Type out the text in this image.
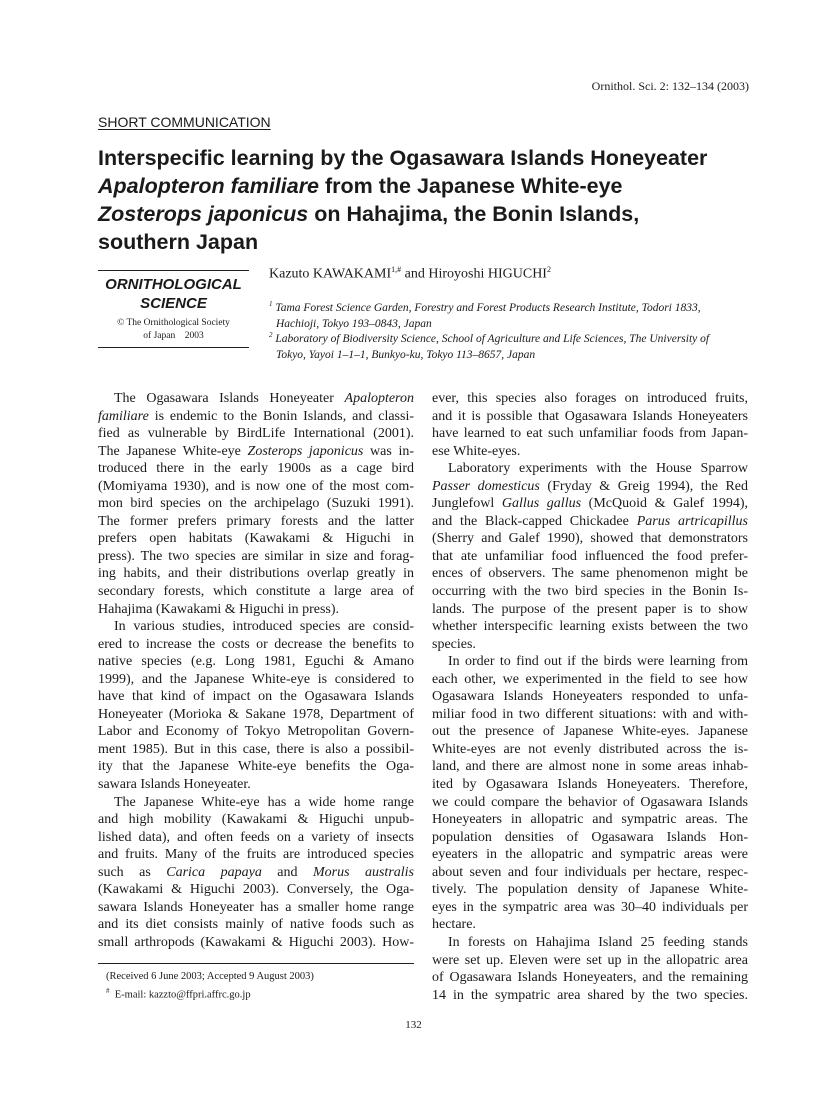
Ornithol. Sci. 2: 132–134 (2003)
SHORT COMMUNICATION
Interspecific learning by the Ogasawara Islands Honeyeater
Apalopteron familiare from the Japanese White-eye
Zosterops japonicus on Hahajima, the Bonin Islands,
southern Japan
ORNITHOLOGICAL
SCIENCE
© The Ornithological Society
of Japan    2003
Kazuto $KAWAKAMI^{1,\#}$ and Hiroyoshi HIGUCHI$^2$
$^1$ Tama Forest Science Garden, Forestry and Forest Products Research Institute, Todori 1833,
Hachioji, Tokyo 193–0843, Japan
$^2$ Laboratory of Biodiversity Science, School of Agriculture and Life Sciences, The University of
Tokyo, Yayoi 1–1–1, Bunkyo-ku, Tokyo 113–8657, Japan
The Ogasawara Islands Honeyeater Apalopteron
familiare is endemic to the Bonin Islands, and classi-
fied as vulnerable by BirdLife International (2001).
The Japanese White-eye Zosterops japonicus was in-
troduced there in the early 1900s as a cage bird
(Momiyama 1930), and is now one of the most com-
mon bird species on the archipelago (Suzuki 1991).
The former prefers primary forests and the latter
prefers open habitats (Kawakami & Higuchi in
press). The two species are similar in size and forag-
ing habits, and their distributions overlap greatly in
secondary forests, which constitute a large area of
Hahajima (Kawakami & Higuchi in press).
In various studies, introduced species are consid-
ered to increase the costs or decrease the benefits to
native species (e.g. Long 1981, Eguchi & Amano
1999), and the Japanese White-eye is considered to
have that kind of impact on the Ogasawara Islands
Honeyeater (Morioka & Sakane 1978, Department of
Labor and Economy of Tokyo Metropolitan Govern-
ment 1985). But in this case, there is also a possibil-
ity that the Japanese White-eye benefits the Oga-
sawara Islands Honeyeater.
The Japanese White-eye has a wide home range
and high mobility (Kawakami & Higuchi unpub-
lished data), and often feeds on a variety of insects
and fruits. Many of the fruits are introduced species
such as Carica papaya and Morus australis
(Kawakami & Higuchi 2003). Conversely, the Oga-
sawara Islands Honeyeater has a smaller home range
and its diet consists mainly of native foods such as
small arthropods (Kawakami & Higuchi 2003). How-
ever, this species also forages on introduced fruits,
and it is possible that Ogasawara Islands Honeyeaters
have learned to eat such unfamiliar foods from Japan-
ese White-eyes.
Laboratory experiments with the House Sparrow
Passer domesticus (Fryday & Greig 1994), the Red
Junglefowl Gallus gallus (McQuoid & Galef 1994),
and the Black-capped Chickadee Parus artricapillus
(Sherry and Galef 1990), showed that demonstrators
that ate unfamiliar food influenced the food prefer-
ences of observers. The same phenomenon might be
occurring with the two bird species in the Bonin Is-
lands. The purpose of the present paper is to show
whether interspecific learning exists between the two
species.
In order to find out if the birds were learning from
each other, we experimented in the field to see how
Ogasawara Islands Honeyeaters responded to unfa-
miliar food in two different situations: with and with-
out the presence of Japanese White-eyes. Japanese
White-eyes are not evenly distributed across the is-
land, and there are almost none in some areas inhab-
ited by Ogasawara Islands Honeyeaters. Therefore,
we could compare the behavior of Ogasawara Islands
Honeyeaters in allopatric and sympatric areas. The
population densities of Ogasawara Islands Hon-
eyeaters in the allopatric and sympatric areas were
about seven and four individuals per hectare, respec-
tively. The population density of Japanese White-
eyes in the sympatric area was 30–40 individuals per
hectare.
In forests on Hahajima Island 25 feeding stands
were set up. Eleven were set up in the allopatric area
of Ogasawara Islands Honeyeaters, and the remaining
14 in the sympatric area shared by the two species.
(Received 6 June 2003; Accepted 9 August 2003)
# E-mail: kazzto@ffpri.affrc.go.jp
132
